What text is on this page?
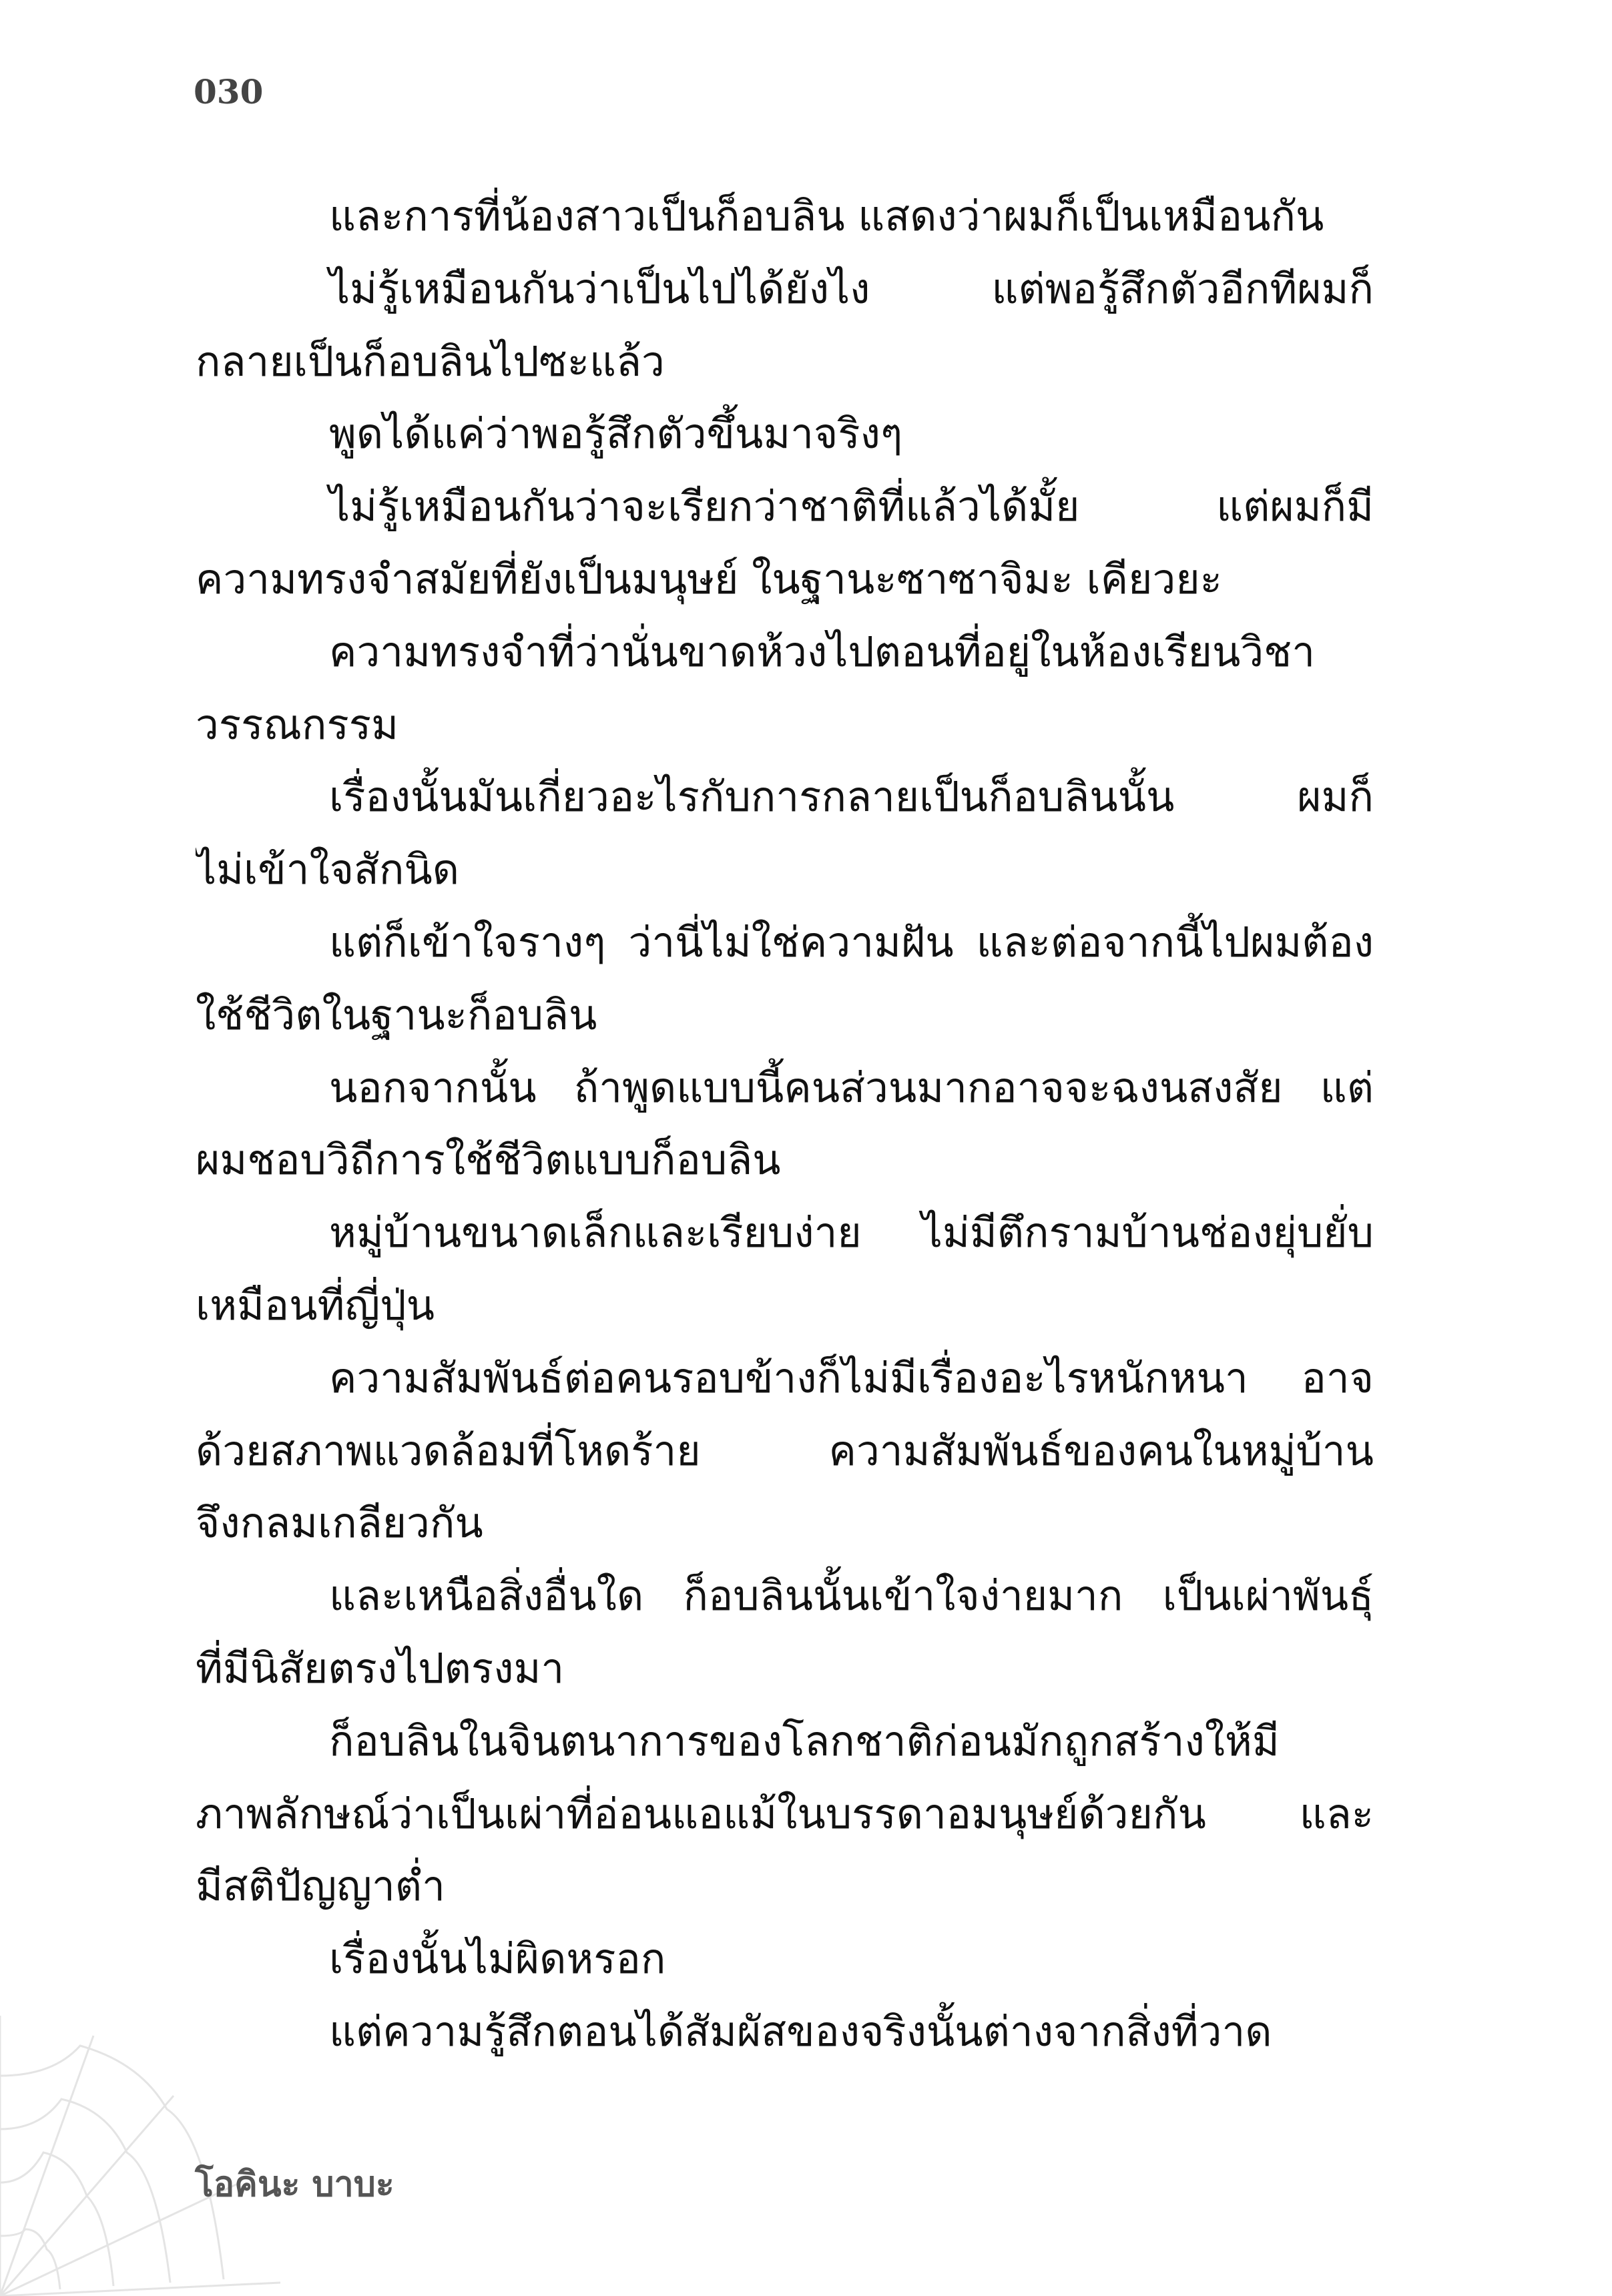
030
และการที่น้องสาวเป็นก็อบลิน แสดงว่าผมก็เป็นเหมือนกัน
ไม่รู้เหมือนกันว่าเป็นไปได้ยังไง แต่พอรู้สึกตัวอีกทีผมก็
กลายเป็นก็อบลินไปซะแล้ว
พูดได้แค่ว่าพอรู้สึกตัวขึ้นมาจริงๆ
ไม่รู้เหมือนกันว่าจะเรียกว่าชาติที่แล้วได้มั้ย แต่ผมก็มี
ความทรงจำสมัยที่ยังเป็นมนุษย์ ในฐานะซาซาจิมะ เคียวยะ
ความทรงจำที่ว่านั่นขาดห้วงไปตอนที่อยู่ในห้องเรียนวิชา
วรรณกรรม
เรื่องนั้นมันเกี่ยวอะไรกับการกลายเป็นก็อบลินนั้น ผมก็
ไม่เข้าใจสักนิด
แต่ก็เข้าใจรางๆ ว่านี่ไม่ใช่ความฝัน และต่อจากนี้ไปผมต้อง
ใช้ชีวิตในฐานะก็อบลิน
นอกจากนั้น ถ้าพูดแบบนี้คนส่วนมากอาจจะฉงนสงสัย แต่
ผมชอบวิถีการใช้ชีวิตแบบก็อบลิน
หมู่บ้านขนาดเล็กและเรียบง่าย ไม่มีตึกรามบ้านช่องยุ่บยั่บ
เหมือนที่ญี่ปุ่น
ความสัมพันธ์ต่อคนรอบข้างก็ไม่มีเรื่องอะไรหนักหนา อาจ
ด้วยสภาพแวดล้อมที่โหดร้าย ความสัมพันธ์ของคนในหมู่บ้าน
จึงกลมเกลียวกัน
และเหนือสิ่งอื่นใด ก็อบลินนั้นเข้าใจง่ายมาก เป็นเผ่าพันธุ์
ที่มีนิสัยตรงไปตรงมา
ก็อบลินในจินตนาการของโลกชาติก่อนมักถูกสร้างให้มี
ภาพลักษณ์ว่าเป็นเผ่าที่อ่อนแอแม้ในบรรดาอมนุษย์ด้วยกัน และ
มีสติปัญญาต่ำ
เรื่องนั้นไม่ผิดหรอก
แต่ความรู้สึกตอนได้สัมผัสของจริงนั้นต่างจากสิ่งที่วาด
โอคินะ บาบะ
